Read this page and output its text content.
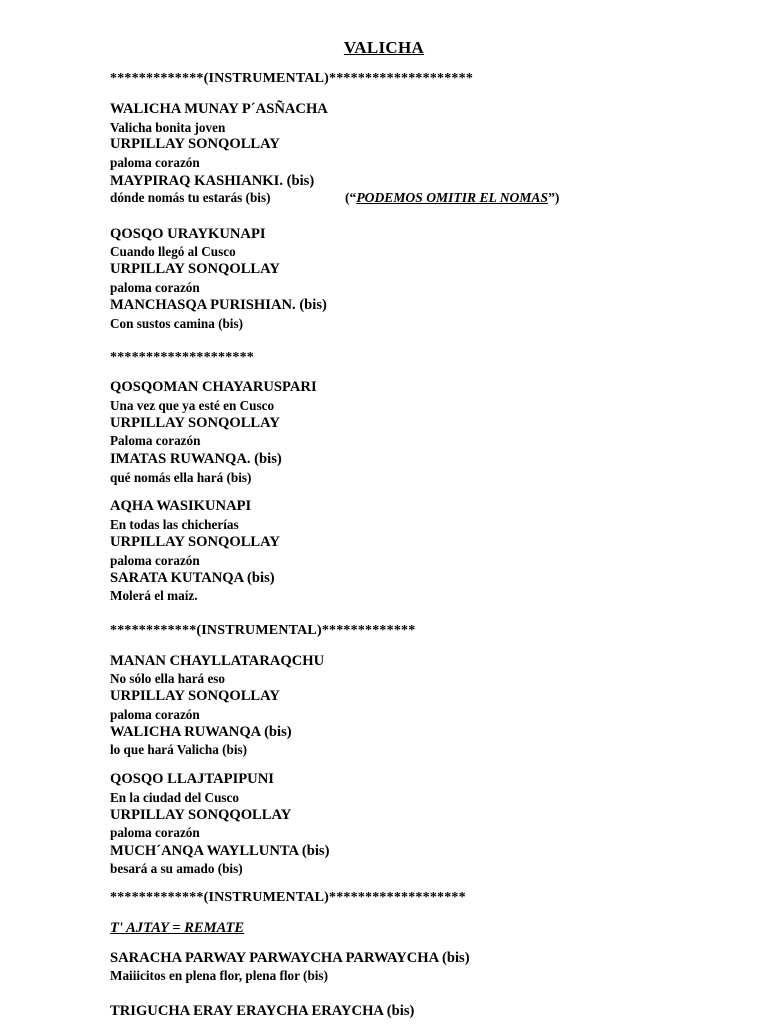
VALICHA
*************(INSTRUMENTAL)********************
WALICHA MUNAY P´ASÑACHA
Valicha bonita joven
URPILLAY SONQOLLAY
paloma corazón
MAYPIRAQ KASHIANKI. (bis)
dónde nomás tu estarás (bis)	(“PODEMOS OMITIR EL NOMAS”)
QOSQO URAYKUNAPI
Cuando llegó al Cusco
URPILLAY SONQOLLAY
paloma corazón
MANCHASQA PURISHIAN. (bis)
Con sustos camina (bis)
********************
QOSQOMAN CHAYARUSPARI
Una vez que ya esté en Cusco
URPILLAY SONQOLLAY
Paloma corazón
IMATAS RUWANQA. (bis)
qué nomás ella hará (bis)
AQHA WASIKUNAPI
En todas las chicherías
URPILLAY SONQOLLAY
paloma corazón
SARATA KUTANQA (bis)
Molerá el maíz.
************(INSTRUMENTAL)*************
MANAN CHAYLLATARAQCHU
No sólo ella hará eso
URPILLAY SONQOLLAY
paloma corazón
WALICHA RUWANQA (bis)
lo que hará Valicha (bis)
QOSQO LLAJTAPIPUNI
En la ciudad del Cusco
URPILLAY SONQQOLLAY
paloma corazón
MUCH´ANQA WAYLLUNTA (bis)
besará a su amado (bis)
*************(INSTRUMENTAL)*******************
T' AJTAY = REMATE
SARACHA PARWAY PARWAYCHA PARWAYCHA (bis)
Maiiicitos en plena flor, plena flor (bis)
TRIGUCHA ERAY ERAYCHA ERAYCHA (bis)
